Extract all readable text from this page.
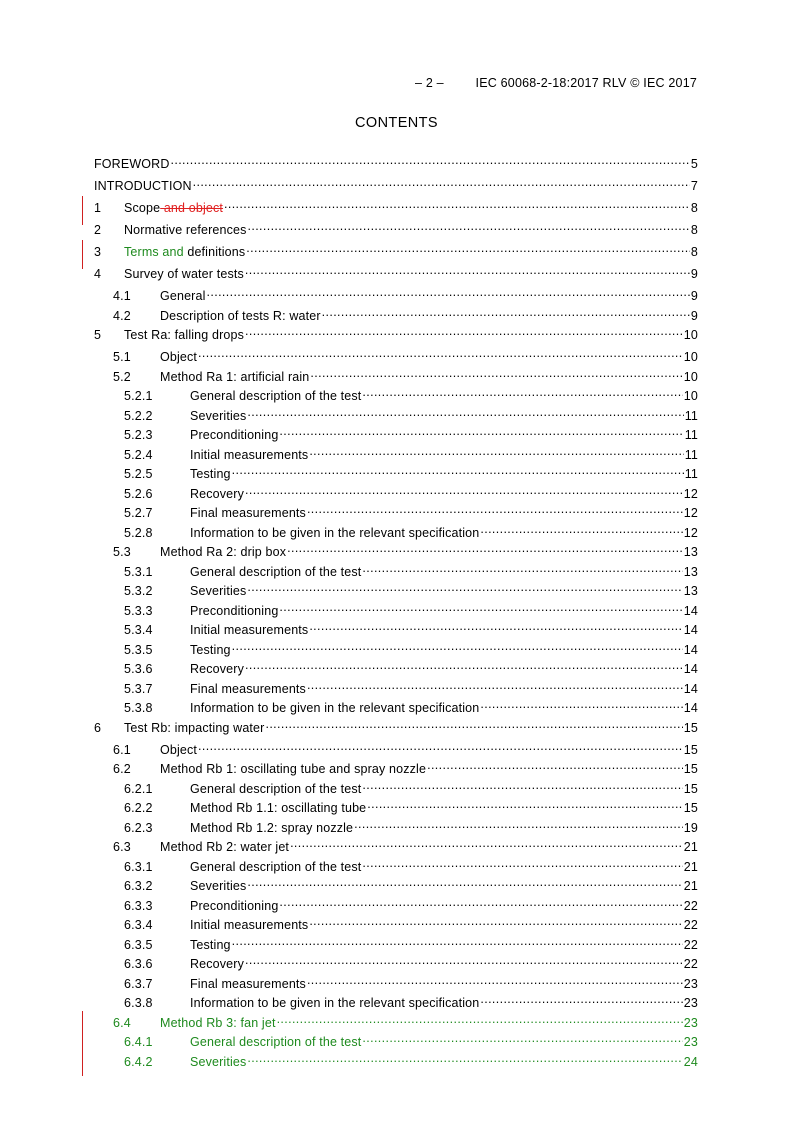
– 2 –	IEC 60068-2-18:2017 RLV © IEC 2017
CONTENTS
FOREWORD . . .	5
INTRODUCTION . . .	7
1	Scope and object . . .	8
2	Normative references . . .	8
3	Terms and definitions . . .	8
4	Survey of water tests . . .	9
4.1	General . . .	9
4.2	Description of tests R: water . . .	9
5	Test Ra: falling drops . . .	10
5.1	Object . . .	10
5.2	Method Ra 1: artificial rain . . .	10
5.2.1	General description of the test . . .	10
5.2.2	Severities . . .	11
5.2.3	Preconditioning . . .	11
5.2.4	Initial measurements . . .	11
5.2.5	Testing . . .	11
5.2.6	Recovery . . .	12
5.2.7	Final measurements . . .	12
5.2.8	Information to be given in the relevant specification . . .	12
5.3	Method Ra 2: drip box . . .	13
5.3.1	General description of the test . . .	13
5.3.2	Severities . . .	13
5.3.3	Preconditioning . . .	14
5.3.4	Initial measurements . . .	14
5.3.5	Testing . . .	14
5.3.6	Recovery . . .	14
5.3.7	Final measurements . . .	14
5.3.8	Information to be given in the relevant specification . . .	14
6	Test Rb: impacting water . . .	15
6.1	Object . . .	15
6.2	Method Rb 1: oscillating tube and spray nozzle . . .	15
6.2.1	General description of the test . . .	15
6.2.2	Method Rb 1.1: oscillating tube . . .	15
6.2.3	Method Rb 1.2: spray nozzle . . .	19
6.3	Method Rb 2: water jet . . .	21
6.3.1	General description of the test . . .	21
6.3.2	Severities . . .	21
6.3.3	Preconditioning . . .	22
6.3.4	Initial measurements . . .	22
6.3.5	Testing . . .	22
6.3.6	Recovery . . .	22
6.3.7	Final measurements . . .	23
6.3.8	Information to be given in the relevant specification . . .	23
6.4	Method Rb 3: fan jet . . .	23
6.4.1	General description of the test . . .	23
6.4.2	Severities . . .	24
